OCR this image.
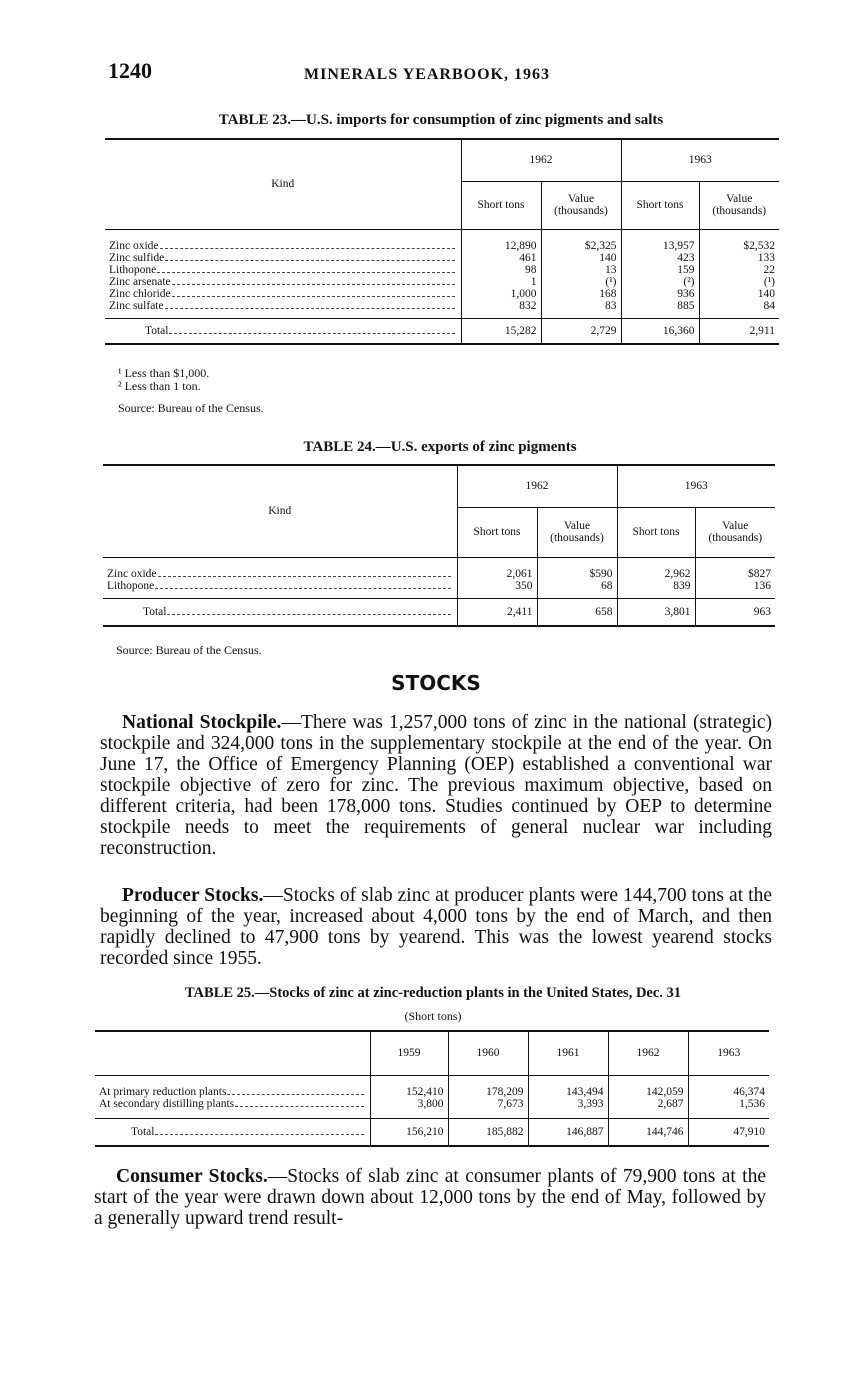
1240	MINERALS YEARBOOK, 1963
TABLE 23.—U.S. imports for consumption of zinc pigments and salts
Kind	1962		1963	
	Short tons	Value (thousands)	Short tons	Value (thousands)

Zinc oxide	12,890	$2,325	13,957	$2,532

Zinc sulfide	461	140	423	133

Lithopone	98	13	159	22

Zinc arsenate	1	(¹)	(²)	(¹)

Zinc chloride	1,000	168	936	140

Zinc sulfate	832	83	885	84

Total	15,282	2,729	16,360	2,911
¹ Less than $1,000.
² Less than 1 ton.
Source: Bureau of the Census.
TABLE 24.—U.S. exports of zinc pigments
Kind	1962		1963	
	Short tons	Value (thousands)	Short tons	Value (thousands)

Zinc oxide	2,061	$590	2,962	$827

Lithopone	350	68	839	136

Total	2,411	658	3,801	963
Source: Bureau of the Census.
STOCKS
National Stockpile.—There was 1,257,000 tons of zinc in the national (strategic) stockpile and 324,000 tons in the supplementary stockpile at the end of the year. On June 17, the Office of Emergency Planning (OEP) established a conventional war stockpile objective of zero for zinc. The previous maximum objective, based on different criteria, had been 178,000 tons. Studies continued by OEP to determine stockpile needs to meet the requirements of general nuclear war including reconstruction.
Producer Stocks.—Stocks of slab zinc at producer plants were 144,700 tons at the beginning of the year, increased about 4,000 tons by the end of March, and then rapidly declined to 47,900 tons by yearend. This was the lowest yearend stocks recorded since 1955.
TABLE 25.—Stocks of zinc at zinc-reduction plants in the United States, Dec. 31
(Short tons)
	1959	1960	1961	1962	1963

At primary reduction plants	152,410	178,209	143,494	142,059	46,374

At secondary distilling plants	3,800	7,673	3,393	2,687	1,536

Total	156,210	185,882	146,887	144,746	47,910
Consumer Stocks.—Stocks of slab zinc at consumer plants of 79,900 tons at the start of the year were drawn down about 12,000 tons by the end of May, followed by a generally upward trend result-
